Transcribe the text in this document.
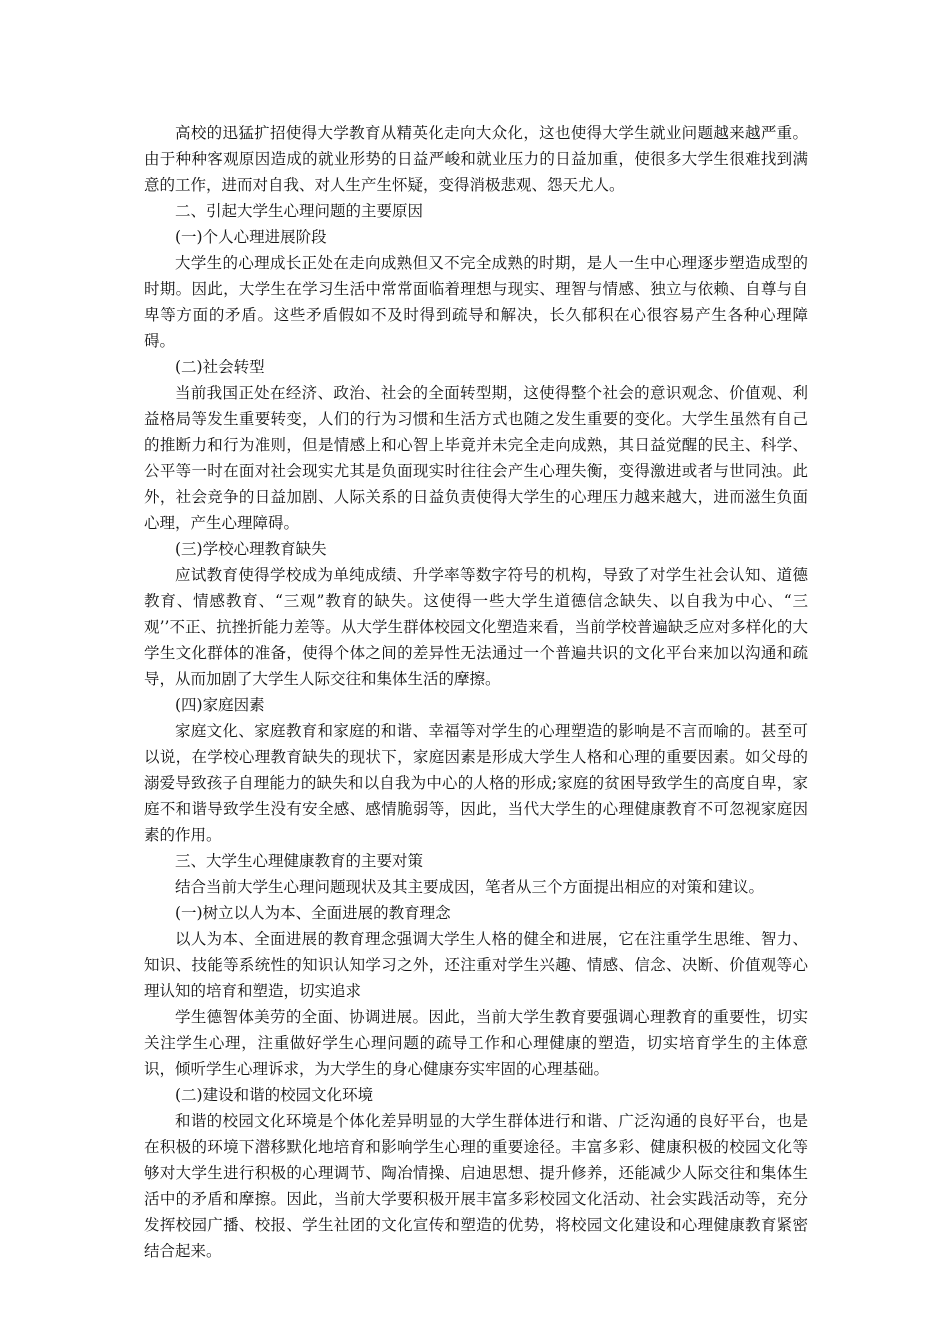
高校的迅猛扩招使得大学教育从精英化走向大众化，这也使得大学生就业问题越来越严重。由于种种客观原因造成的就业形势的日益严峻和就业压力的日益加重，使很多大学生很难找到满意的工作，进而对自我、对人生产生怀疑，变得消极悲观、怨天尤人。

二、引起大学生心理问题的主要原因

(一)个人心理进展阶段

大学生的心理成长正处在走向成熟但又不完全成熟的时期，是人一生中心理逐步塑造成型的时期。因此，大学生在学习生活中常常面临着理想与现实、理智与情感、独立与依赖、自尊与自卑等方面的矛盾。这些矛盾假如不及时得到疏导和解决，长久郁积在心很容易产生各种心理障碍。

(二)社会转型

当前我国正处在经济、政治、社会的全面转型期，这使得整个社会的意识观念、价值观、利益格局等发生重要转变，人们的行为习惯和生活方式也随之发生重要的变化。大学生虽然有自己的推断力和行为准则，但是情感上和心智上毕竟并未完全走向成熟，其日益觉醒的民主、科学、公平等一时在面对社会现实尤其是负面现实时往往会产生心理失衡，变得激进或者与世同浊。此外，社会竞争的日益加剧、人际关系的日益负责使得大学生的心理压力越来越大，进而滋生负面心理，产生心理障碍。

(三)学校心理教育缺失

应试教育使得学校成为单纯成绩、升学率等数字符号的机构，导致了对学生社会认知、道德教育、情感教育、“三观”教育的缺失。这使得一些大学生道德信念缺失、以自我为中心、“三观’’不正、抗挫折能力差等。从大学生群体校园文化塑造来看，当前学校普遍缺乏应对多样化的大学生文化群体的准备，使得个体之间的差异性无法通过一个普遍共识的文化平台来加以沟通和疏导，从而加剧了大学生人际交往和集体生活的摩擦。

(四)家庭因素

家庭文化、家庭教育和家庭的和谐、幸福等对学生的心理塑造的影响是不言而喻的。甚至可以说，在学校心理教育缺失的现状下，家庭因素是形成大学生人格和心理的重要因素。如父母的溺爱导致孩子自理能力的缺失和以自我为中心的人格的形成;家庭的贫困导致学生的高度自卑，家庭不和谐导致学生没有安全感、感情脆弱等，因此，当代大学生的心理健康教育不可忽视家庭因素的作用。

三、大学生心理健康教育的主要对策

结合当前大学生心理问题现状及其主要成因，笔者从三个方面提出相应的对策和建议。

(一)树立以人为本、全面进展的教育理念

以人为本、全面进展的教育理念强调大学生人格的健全和进展，它在注重学生思维、智力、知识、技能等系统性的知识认知学习之外，还注重对学生兴趣、情感、信念、决断、价值观等心理认知的培育和塑造，切实追求

学生德智体美劳的全面、协调进展。因此，当前大学生教育要强调心理教育的重要性，切实关注学生心理，注重做好学生心理问题的疏导工作和心理健康的塑造，切实培育学生的主体意识，倾听学生心理诉求，为大学生的身心健康夯实牢固的心理基础。

(二)建设和谐的校园文化环境

和谐的校园文化环境是个体化差异明显的大学生群体进行和谐、广泛沟通的良好平台，也是在积极的环境下潜移默化地培育和影响学生心理的重要途径。丰富多彩、健康积极的校园文化等够对大学生进行积极的心理调节、陶冶情操、启迪思想、提升修养，还能减少人际交往和集体生活中的矛盾和摩擦。因此，当前大学要积极开展丰富多彩校园文化活动、社会实践活动等，充分发挥校园广播、校报、学生社团的文化宣传和塑造的优势，将校园文化建设和心理健康教育紧密结合起来。
